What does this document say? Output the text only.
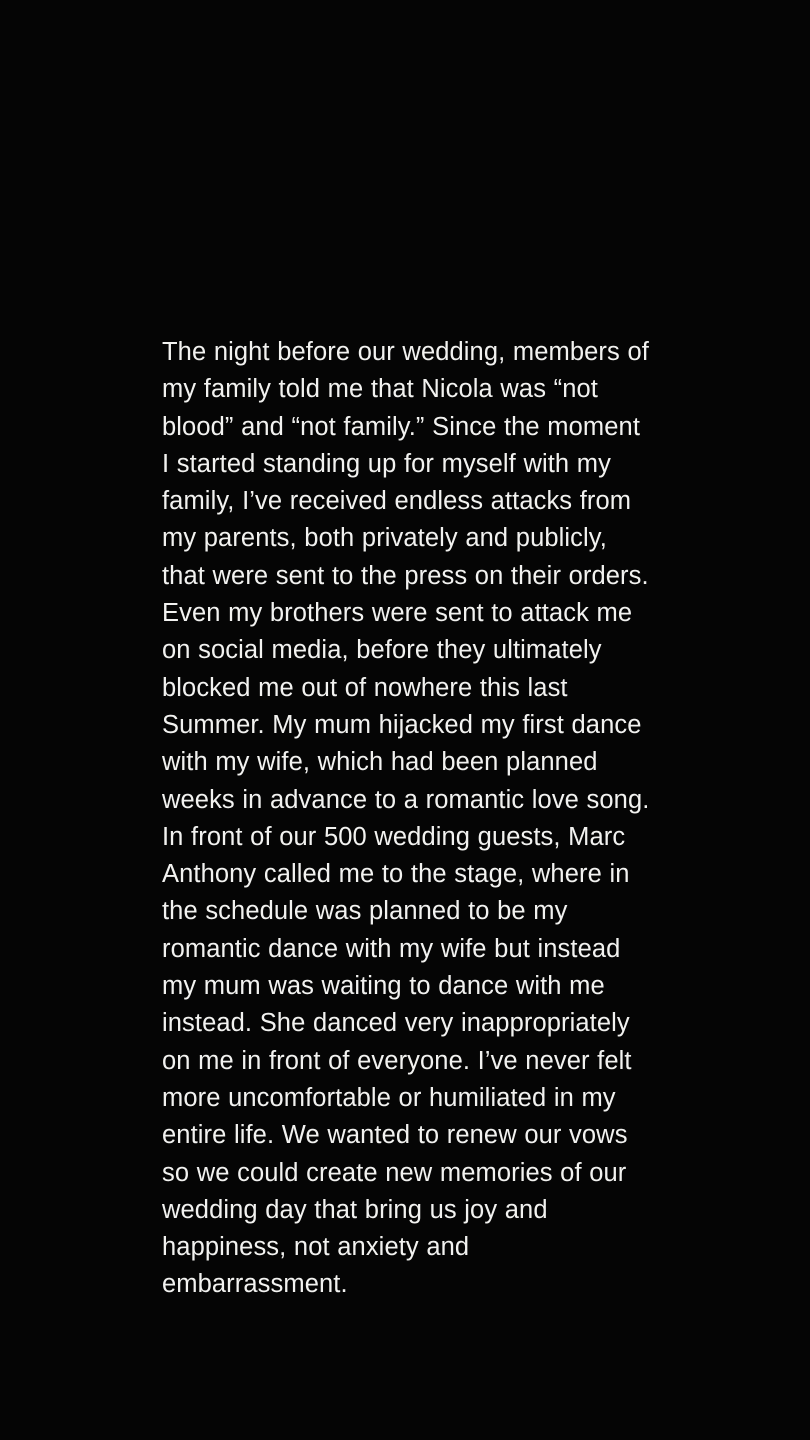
The night before our wedding, members of my family told me that Nicola was “not blood” and “not family.” Since the moment I started standing up for myself with my family, I’ve received endless attacks from my parents, both privately and publicly, that were sent to the press on their orders. Even my brothers were sent to attack me on social media, before they ultimately blocked me out of nowhere this last Summer. My mum hijacked my first dance with my wife, which had been planned weeks in advance to a romantic love song. In front of our 500 wedding guests, Marc Anthony called me to the stage, where in the schedule was planned to be my romantic dance with my wife but instead my mum was waiting to dance with me instead. She danced very inappropriately on me in front of everyone. I’ve never felt more uncomfortable or humiliated in my entire life. We wanted to renew our vows so we could create new memories of our wedding day that bring us joy and happiness, not anxiety and embarrassment.
